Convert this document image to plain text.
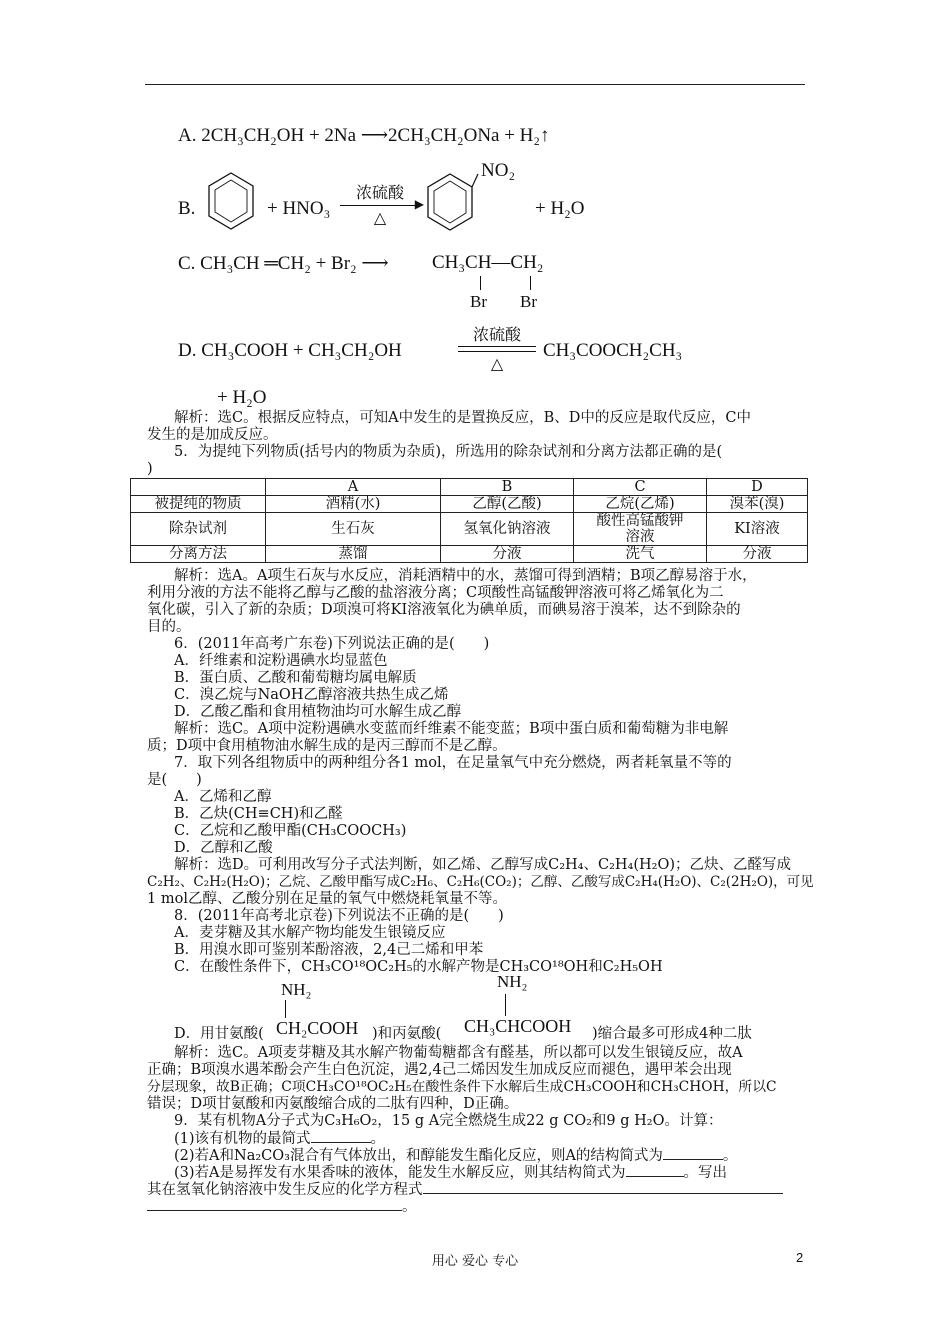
A. 2CH₃CH₂OH + 2Na ⟶2CH₃CH₂ONa + H₂↑
B.	+ HNO₃
浓硫酸
▶
△
NO₂
+ H₂O
C. CH₃CH ═CH₂ + Br₂ ⟶ CH₃CH—CH₂
Br Br
D. CH₃COOH + CH₃CH₂OH
浓硫酸
△
CH₃COOCH₂CH₃
+ H₂O
解析：选C。根据反应特点，可知A中发生的是置换反应，B、D中的反应是取代反应，C中
发生的是加成反应。
5．为提纯下列物质(括号内的物质为杂质)，所选用的除杂试剂和分离方法都正确的是(
)
	A	B	C	D
被提纯的物质	酒精(水)	乙醇(乙酸)	乙烷(乙烯)	溴苯(溴)
除杂试剂	生石灰	氢氧化钠溶液	酸性高锰酸钾
溶液	KI溶液
分离方法	蒸馏	分液	洗气	分液
解析：选A。A项生石灰与水反应，消耗酒精中的水，蒸馏可得到酒精；B项乙醇易溶于水，
利用分液的方法不能将乙醇与乙酸的盐溶液分离；C项酸性高锰酸钾溶液可将乙烯氧化为二
氧化碳，引入了新的杂质；D项溴可将KI溶液氧化为碘单质，而碘易溶于溴苯，达不到除杂的
目的。
6．(2011年高考广东卷)下列说法正确的是(　　)
A．纤维素和淀粉遇碘水均显蓝色
B．蛋白质、乙酸和葡萄糖均属电解质
C．溴乙烷与NaOH乙醇溶液共热生成乙烯
D．乙酸乙酯和食用植物油均可水解生成乙醇
解析：选C。A项中淀粉遇碘水变蓝而纤维素不能变蓝；B项中蛋白质和葡萄糖为非电解
质；D项中食用植物油水解生成的是丙三醇而不是乙醇。
7．取下列各组物质中的两种组分各1 mol，在足量氧气中充分燃烧，两者耗氧量不等的
是(　　)
A．乙烯和乙醇
B．乙炔(CH≡CH)和乙醛
C．乙烷和乙酸甲酯(CH₃COOCH₃)
D．乙醇和乙酸
解析：选D。可利用改写分子式法判断，如乙烯、乙醇写成C₂H₄、C₂H₄(H₂O)；乙炔、乙醛写成
C₂H₂、C₂H₂(H₂O)；乙烷、乙酸甲酯写成C₂H₆、C₂H₆(CO₂)；乙醇、乙酸写成C₂H₄(H₂O)、C₂(2H₂O)，可见
1 mol乙醇、乙酸分别在足量的氧气中燃烧耗氧量不等。
8．(2011年高考北京卷)下列说法不正确的是(　　)
A．麦芽糖及其水解产物均能发生银镜反应
B．用溴水即可鉴别苯酚溶液，2,4己二烯和甲苯
C．在酸性条件下，CH₃CO¹⁸OC₂H₅的水解产物是CH₃CO¹⁸OH和C₂H₅OH
NH₂	NH₂
D．用甘氨酸( CH₂COOH )和丙氨酸( CH₃CHCOOH )缩合最多可形成4种二肽
解析：选C。A项麦芽糖及其水解产物葡萄糖都含有醛基，所以都可以发生银镜反应，故A
正确；B项溴水遇苯酚会产生白色沉淀，遇2,4己二烯因发生加成反应而褪色，遇甲苯会出现
分层现象，故B正确；C项CH₃CO¹⁸OC₂H₅在酸性条件下水解后生成CH₃COOH和CH₃CHOH，所以C
错误；D项甘氨酸和丙氨酸缩合成的二肽有四种，D正确。
9．某有机物A分子式为C₃H₆O₂，15 g A完全燃烧生成22 g CO₂和9 g H₂O。计算：
(1)该有机物的最简式	。
(2)若A和Na₂CO₃混合有气体放出，和醇能发生酯化反应，则A的结构简式为	。
(3)若A是易挥发有水果香味的液体，能发生水解反应，则其结构简式为	。写出
其在氢氧化钠溶液中发生反应的化学方程式
。
用心 爱心 专心	2
